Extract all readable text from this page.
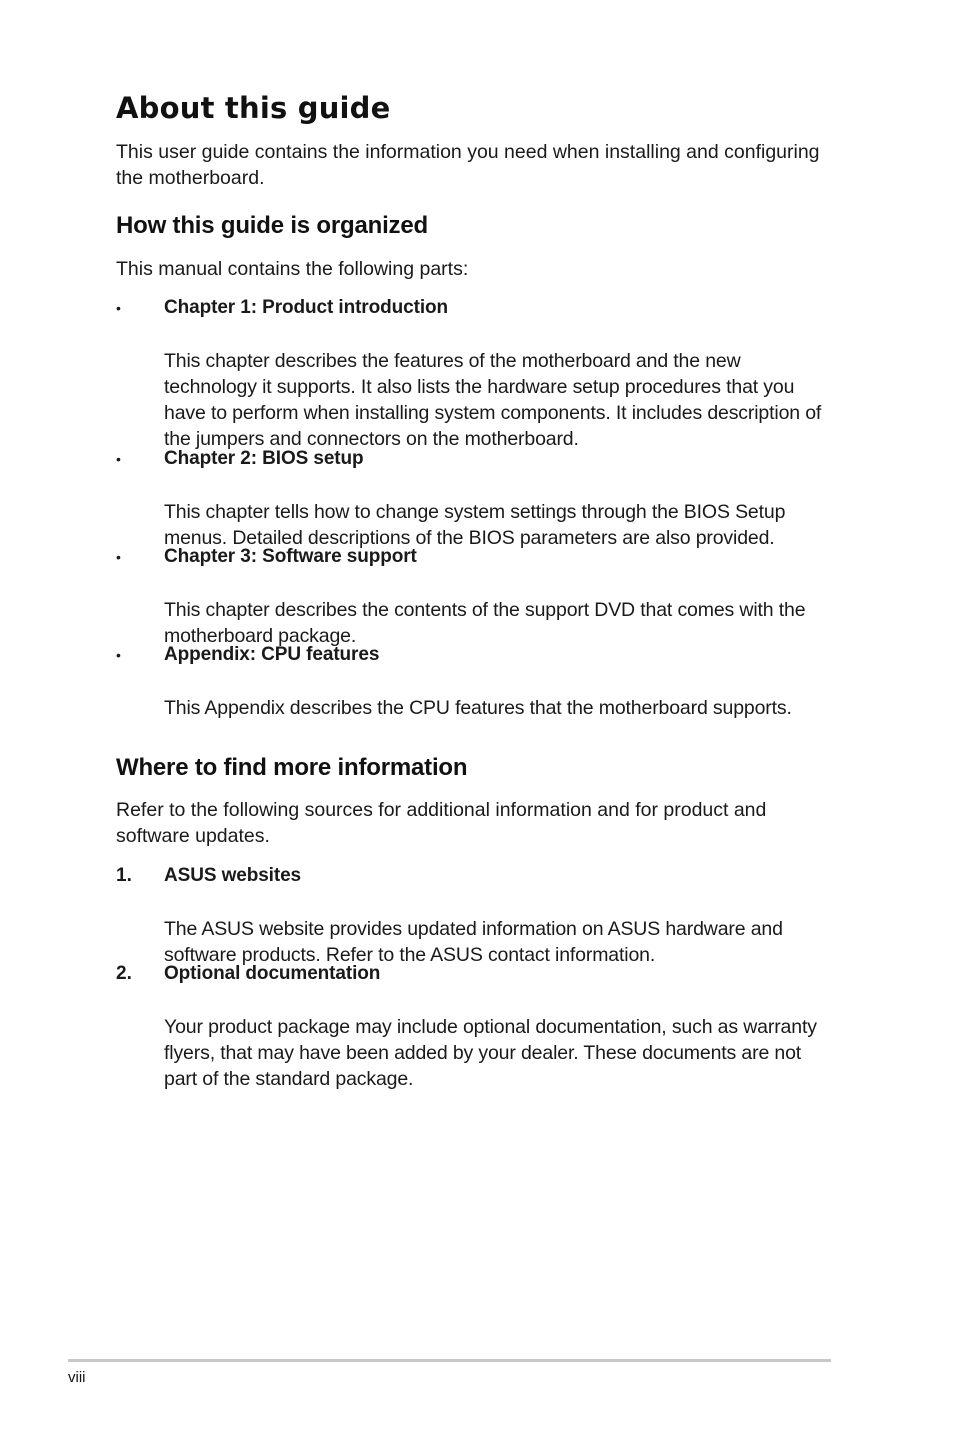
About this guide

This user guide contains the information you need when installing and configuring the motherboard.

How this guide is organized

This manual contains the following parts:

• Chapter 1: Product introduction

This chapter describes the features of the motherboard and the new technology it supports. It also lists the hardware setup procedures that you have to perform when installing system components. It includes description of the jumpers and connectors on the motherboard.

• Chapter 2: BIOS setup

This chapter tells how to change system settings through the BIOS Setup menus. Detailed descriptions of the BIOS parameters are also provided.

• Chapter 3: Software support

This chapter describes the contents of the support DVD that comes with the motherboard package.

• Appendix: CPU features

This Appendix describes the CPU features that the motherboard supports.

Where to find more information

Refer to the following sources for additional information and for product and software updates.

1. ASUS websites

The ASUS website provides updated information on ASUS hardware and software products. Refer to the ASUS contact information.

2. Optional documentation

Your product package may include optional documentation, such as warranty flyers, that may have been added by your dealer. These documents are not part of the standard package.

viii
